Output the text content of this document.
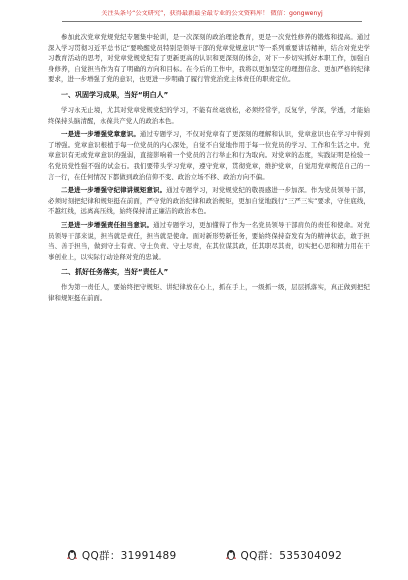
关注头条号“公文研究”，获得最新最全最专业的公文资料库！ 微信：gongwenyj
参加此次党章党规党纪专题集中轮训，是一次深刻的政治理论教育，更是一次党性修养的锻炼和提高。通过深入学习贯彻习近平总书记“要唤醒党员特别是领导干部的党章党规意识”等一系列重要讲话精神，结合对党史学习教育活动的思考，对党章党规党纪有了更新更高的认识和更深刻的体会，对下一步切实抓好本职工作，加强自身修养，自觉担当作为有了明确的方向和目标。在今后的工作中，我将以更加坚定的理想信念、更加严格的纪律要求，进一步增强了党的意识，也更进一步明确了履行管党治党主体责任的职责定位。
一、巩固学习成果，当好“明白人”
学习永无止境，尤其对党章党规党纪的学习，不能有丝毫放松，必须经常学，反复学，学深，学透，才能始终保持头脑清醒，永葆共产党人的政治本色。
一是进一步增强党章意识。通过专题学习，不仅对党章有了更深刻的理解和认识，党章意识也在学习中得到了增强。党章意识根植于每一位党员的内心深处，自觉不自觉地作用于每一位党员的学习、工作和生活之中。党章意识有无或党章意识的强弱，直接影响着一个党员的言行举止和行为取向。对党章的态度，实践证明是检验一名党员党性强不强的试金石。我们要带头学习党章，遵守党章，贯彻党章，维护党章，自觉用党章规范自己的一言一行，在任何情况下都做到政治信仰不变、政治立场不移、政治方向不偏。
二是进一步增强守纪律讲规矩意识。通过专题学习，对党规党纪的敬畏感进一步加深。作为党员领导干部，必须时刻把纪律和规矩挺在前面，严守党的政治纪律和政治规矩，更加自觉地践行“三严三实”要求，守住底线，不越红线，远离高压线，始终保持清正廉洁的政治本色。
三是进一步增强责任担当意识。通过专题学习，更加懂得了作为一名党员领导干部肩负的责任和使命。对党员领导干部来说，担当就是责任，担当就是使命。面对新形势新任务，要始终保持奋发有为的精神状态，敢于担当、善于担当，做到守土有责、守土负责、守土尽责，在其位谋其政，任其职尽其责，切实把心思和精力用在干事创业上，以实际行动诠释对党的忠诚。
二、抓好任务落实，当好“责任人”
作为第一责任人，要始终把守规矩、讲纪律放在心上，抓在手上，一级抓一级，层层抓落实，真正做到把纪律和规矩挺在前面。
QQ群：31991489	QQ群：535304092
